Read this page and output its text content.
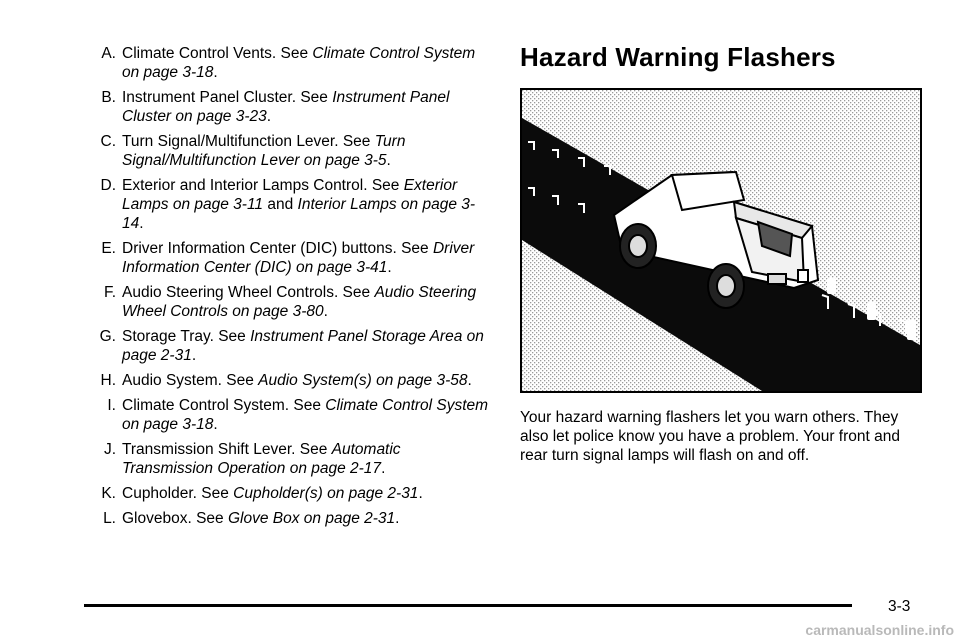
A. Climate Control Vents. See Climate Control System on page 3-18.
B. Instrument Panel Cluster. See Instrument Panel Cluster on page 3-23.
C. Turn Signal/Multifunction Lever. See Turn Signal/Multifunction Lever on page 3-5.
D. Exterior and Interior Lamps Control. See Exterior Lamps on page 3-11 and Interior Lamps on page 3-14.
E. Driver Information Center (DIC) buttons. See Driver Information Center (DIC) on page 3-41.
F. Audio Steering Wheel Controls. See Audio Steering Wheel Controls on page 3-80.
G. Storage Tray. See Instrument Panel Storage Area on page 2-31.
H. Audio System. See Audio System(s) on page 3-58.
I. Climate Control System. See Climate Control System on page 3-18.
J. Transmission Shift Lever. See Automatic Transmission Operation on page 2-17.
K. Cupholder. See Cupholder(s) on page 2-31.
L. Glovebox. See Glove Box on page 2-31.
Hazard Warning Flashers

Your hazard warning flashers let you warn others. They also let police know you have a problem. Your front and rear turn signal lamps will flash on and off.

3-3
carmanualsonline.info
